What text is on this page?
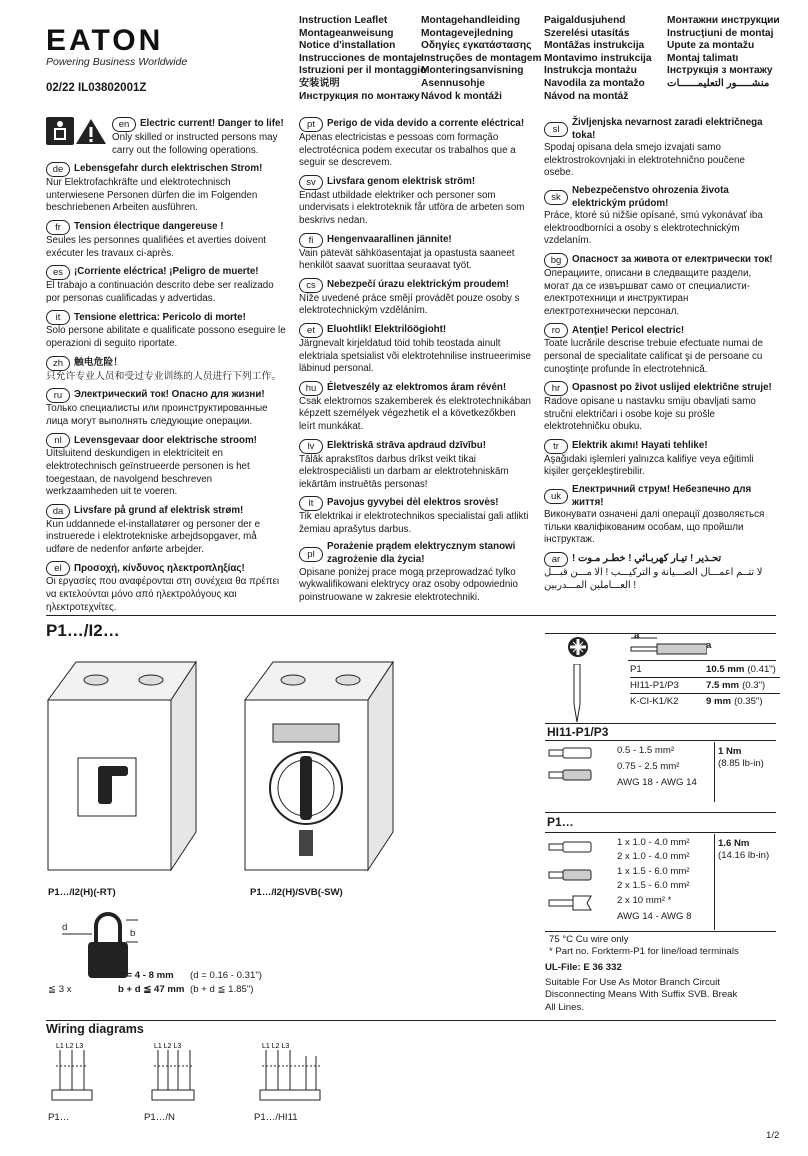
EATON
Powering Business Worldwide
02/22 IL03802001Z
Instruction Leaflet
Montageanweisung
Notice d'installation
Instrucciones de montaje
Istruzioni per il montaggio
安装说明
Инструкция по монтажу
Montagehandleiding
Montagevejledning
Οδηγίες εγκατάστασης
Instruções de montagem
Monteringsanvisning
Asennusohje
Návod k montáži
Paigaldusjuhend
Szerelési utasítás
Montāžas instrukcija
Montavimo instrukcija
Instrukcja montażu
Navodila za montažo
Návod na montáž
Монтажни инструкции
Instrucţiuni de montaj
Upute za montažu
Montaj talimatı
Інструкція з монтажу
منشـــــور التعليمــــــات
en	Electric current! Danger to life!
Only skilled or instructed persons may carry out the following operations.
de	Lebensgefahr durch elektrischen Strom!
Nur Elektrofachkräfte und elektrotechnisch unterwiesene Personen dürfen die im Folgenden beschriebenen Arbeiten ausführen.
fr	Tension électrique dangereuse !
Seules les personnes qualifiées et averties doivent exécuter les travaux ci-après.
es	¡Corriente eléctrica! ¡Peligro de muerte!
El trabajo a continuación descrito debe ser realizado por personas cualificadas y advertidas.
it	Tensione elettrica: Pericolo di morte!
Solo persone abilitate e qualificate possono eseguire le operazioni di seguito riportate.
zh	触电危险！
只允许专业人员和受过专业训练的人员进行下列工作。
ru	Электрический ток! Опасно для жизни!
Только специалисты или проинструктированные лица могут выполнять следующие операции.
nl	Levensgevaar door elektrische stroom!
Uitsluitend deskundigen in elektriciteit en elektrotechnisch geïnstrueerde personen is het toegestaan, de navolgend beschreven werkzaamheden uit te voeren.
da	Livsfare på grund af elektrisk strøm!
Kun uddannede el-installatører og personer der e instruerede i elektrotekniske arbejdsopgaver, må udføre de nedenfor anførte arbejder.
el	Προσοχή, κίνδυνος ηλεκτροπληξίας!
Οι εργασίες που αναφέρονται στη συνέχεια θα πρέπει να εκτελούνται μόνο από ηλεκτρολόγους και ηλεκτροτεχνίτες.
pt	Perigo de vida devido a corrente eléctrica!
Apenas electricistas e pessoas com formação electrotécnica podem executar os trabalhos que a seguir se descrevem.
sv	Livsfara genom elektrisk ström!
Endast utbildade elektriker och personer som undervisats i elektroteknik får utföra de arbeten som beskrivs nedan.
fi	Hengenvaarallinen jännite!
Vain pätevät sähköasentajat ja opastusta saaneet henkilöt saavat suorittaa seuraavat työt.
cs	Nebezpečí úrazu elektrickým proudem!
Níže uvedené práce smějí provádět pouze osoby s elektrotechnickým vzděláním.
et	Eluohtlik! Elektrilöögioht!
Järgnevalt kirjeldatud töid tohib teostada ainult elektriala spetsialist või elektrotehnilise instrueerimise läbinud personal.
hu	Életveszély az elektromos áram révén!
Csak elektromos szakemberek és elektrotechnikában képzett személyek végezhetik el a következőkben leírt munkákat.
lv	Elektriskā strāva apdraud dzīvību!
Tālāk aprakstītos darbus drīkst veikt tikai elektrospeciālisti un darbam ar elektrotehniskām iekārtām instruētās personas!
lt	Pavojus gyvybei dėl elektros srovės!
Tik elektrikai ir elektrotechnikos specialistai gali atlikti žemiau aprašytus darbus.
pl
Porażenie prądem elektrycznym stanowi zagrożenie dla życia!
Opisane poniżej prace mogą przeprowadzać tylko wykwalifikowani elektrycy oraz osoby odpowiednio poinstruowane w zakresie elektrotechniki.
sl
Življenjska nevarnost zaradi električnega toka!
Spodaj opisana dela smejo izvajati samo elektrostrokovnjaki in elektrotehnično poučene osebe.
sk
Nebezpečenstvo ohrozenia života elektrickým prúdom!
Práce, ktoré sú nižšie opísané, smú vykonávať iba elektroodborníci a osoby s elektrotechnickým vzdelaním.
bg	Опасност за живота от електрически ток!
Операциите, описани в следващите раздели, могат да се извършват само от специалисти-електротехници и инструктиран електротехнически персонал.
ro	Atenţie! Pericol electric!
Toate lucrările descrise trebuie efectuate numai de personal de specialitate calificat şi de persoane cu cunoştinţe profunde în electrotehnică.
hr	Opasnost po život uslijed električne struje!
Radove opisane u nastavku smiju obavljati samo stručni električari i osobe koje su prošle elektrotehničku obuku.
tr	Elektrik akımı! Hayati tehlike!
Aşağıdaki işlemleri yalnızca kalifiye veya eğitimli kişiler gerçekleştirebilir.
uk
Електричний струм! Небезпечно для життя!
Виконувати означені далі операції дозволяється тільки кваліфікованим особам, що пройшли інструктаж.
ar	! تحـذير ! تيـار كهربـائي ! خطـر مـوت
لا تتــم اعمـــال الصـــيانة و التركيـــب ! الا مـــن قبـــل العـــاملين المـــدربين !
P1…/I2…
P1…/I2(H)(-RT)	P1…/I2(H)/SVB(-SW)
d
b
≦ 3 x
d = 4 - 8 mm (d = 0.16 - 0.31")
b + d ≦ 47 mm (b + d ≦ 1.85")
a
a
P1	10.5 mm (0.41")
HI11-P1/P3	7.5 mm (0.3")
K-CI-K1/K2	9 mm (0.35")
HI11-P1/P3
0.5 - 1.5 mm²
0.75 - 2.5 mm²
AWG 18 - AWG 14
1 Nm
(8.85 lb-in)
P1…
1 x 1.0 - 4.0 mm²
2 x 1.0 - 4.0 mm²
1 x 1.5 - 6.0 mm²
2 x 1.5 - 6.0 mm²
2 x 10 mm² *
AWG 14 - AWG 8
1.6 Nm
(14.16 lb-in)
75 °C Cu wire only
* Part no. Forkterm-P1 for line/load terminals
UL-File: E 36 332
Suitable For Use As Motor Branch Circuit Disconnecting Means With Suffix SVB. Break All Lines.
Wiring diagrams
L1 L2 L3	L1 L2 L3	L1 L2 L3
P1…	P1…/N	P1…/HI11
1/2
